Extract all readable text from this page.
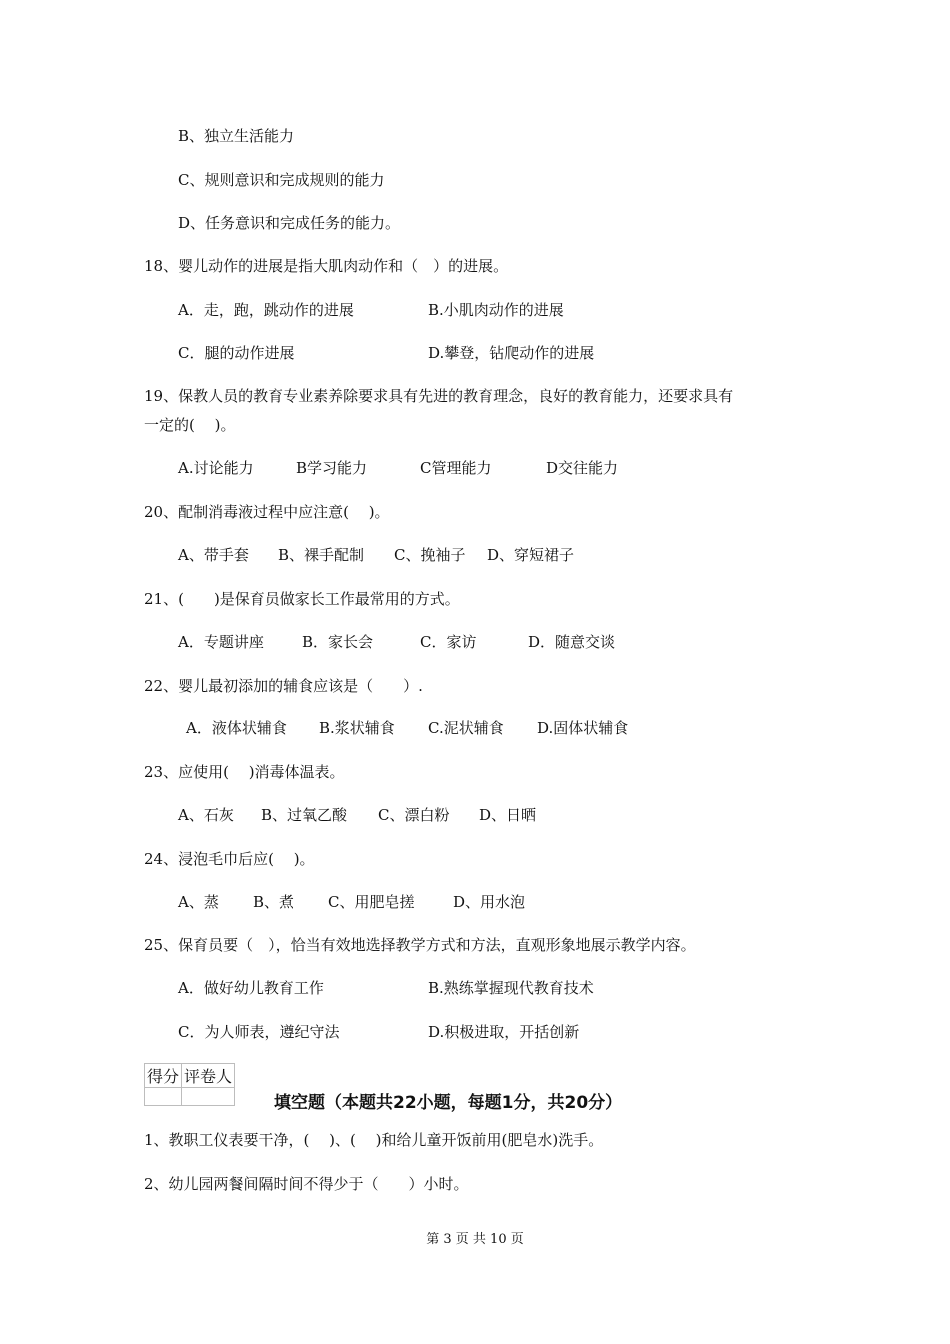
B、独立生活能力
C、规则意识和完成规则的能力
D、任务意识和完成任务的能力。
18、婴儿动作的进展是指大肌肉动作和（　）的进展。
A．走，跑，跳动作的进展	B.小肌肉动作的进展
C．腿的动作进展	D.攀登，钻爬动作的进展
19、保教人员的教育专业素养除要求具有先进的教育理念，良好的教育能力，还要求具有
一定的(　 )。
A.讨论能力	B学习能力	C管理能力	D交往能力
20、配制消毒液过程中应注意(　 )。
A、带手套 B、裸手配制 C、挽袖子 D、穿短裙子
21、(　　)是保育员做家长工作最常用的方式。
A．专题讲座	B．家长会	C．家访	D．随意交谈
22、婴儿最初添加的辅食应该是（　　）.
A．液体状辅食 B.浆状辅食 C.泥状辅食 D.固体状辅食
23、应使用(　 )消毒体温表。
A、石灰 B、过氧乙酸 C、漂白粉 D、日晒
24、浸泡毛巾后应(　 )。
A、蒸 B、煮 C、用肥皂搓	D、用水泡
25、保育员要（　），恰当有效地选择教学方式和方法，直观形象地展示教学内容。
A．做好幼儿教育工作	B.熟练掌握现代教育技术
C．为人师表，遵纪守法	D.积极进取，开括创新
得分	评卷人

填空题（本题共22小题，每题1分，共20分）
1、教职工仪表要干净，(　 )、(　 )和给儿童开饭前用(肥皂水)洗手。
2、幼儿园两餐间隔时间不得少于（　　）小时。
第 3 页 共 10 页
